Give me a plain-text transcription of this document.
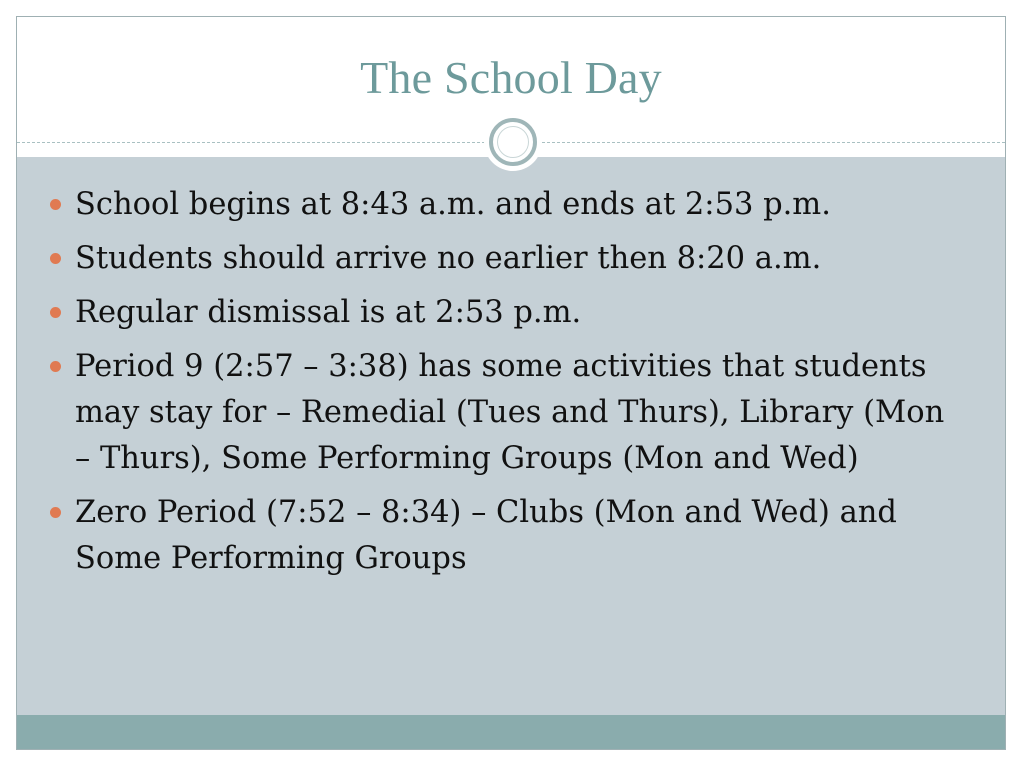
The School Day
School begins at 8:43 a.m. and ends at 2:53 p.m.
Students should arrive no earlier then 8:20 a.m.
Regular dismissal is at 2:53 p.m.
Period 9 (2:57 – 3:38) has some activities that students may stay for – Remedial (Tues and Thurs), Library (Mon – Thurs), Some Performing Groups (Mon and Wed)
Zero Period (7:52 – 8:34) – Clubs (Mon and Wed) and Some Performing Groups
